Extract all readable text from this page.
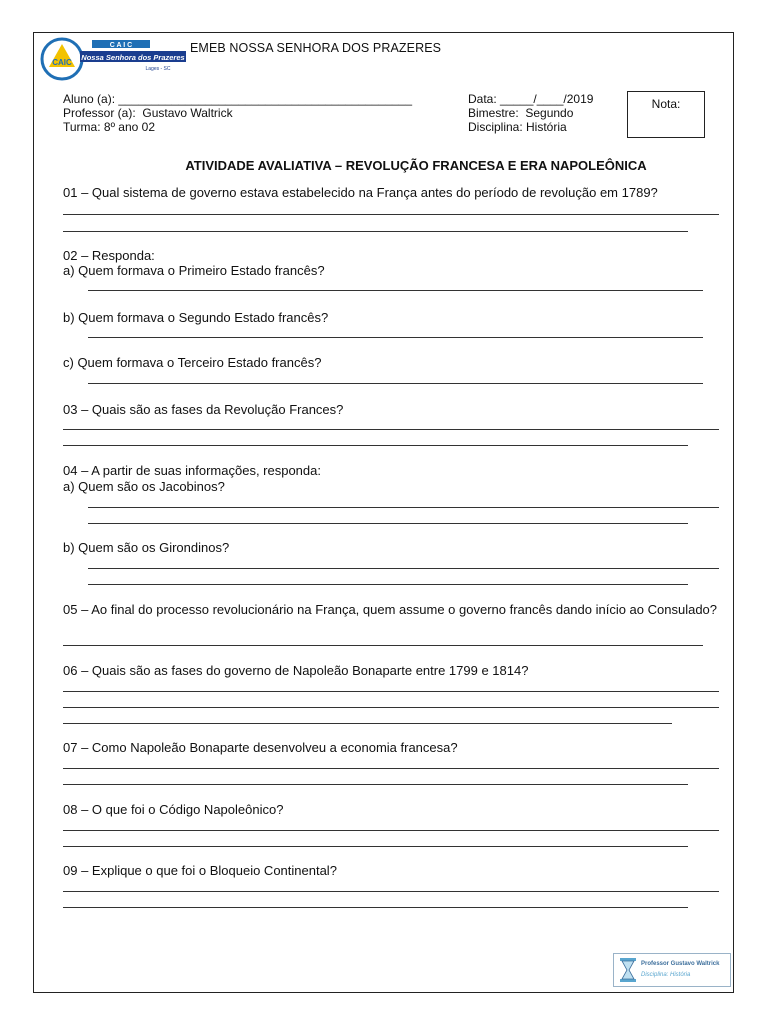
CAIC
C A I C
Nossa Senhora dos Prazeres
Lages - SC
EMEB NOSSA SENHORA DOS PRAZERES
Aluno (a): ____________________________________________
Professor (a):  Gustavo Waltrick
Turma: 8º ano 02
Data: _____/____/2019
Bimestre:  Segundo
Disciplina: História
Nota:
ATIVIDADE AVALIATIVA – REVOLUÇÃO FRANCESA E ERA NAPOLEÔNICA
01 – Qual sistema de governo estava estabelecido na França antes do período de revolução em 1789?
02 – Responda:
a) Quem formava o Primeiro Estado francês?
b) Quem formava o Segundo Estado francês?
c) Quem formava o Terceiro Estado francês?
03 – Quais são as fases da Revolução Frances?
04 – A partir de suas informações, responda:
a) Quem são os Jacobinos?
b) Quem são os Girondinos?
05 – Ao final do processo revolucionário na França, quem assume o governo francês dando início ao Consulado?
06 – Quais são as fases do governo de Napoleão Bonaparte entre 1799 e 1814?
07 – Como Napoleão Bonaparte desenvolveu a economia francesa?
08 – O que foi o Código Napoleônico?
09 – Explique o que foi o Bloqueio Continental?
Professor Gustavo Waltrick
Disciplina: História
